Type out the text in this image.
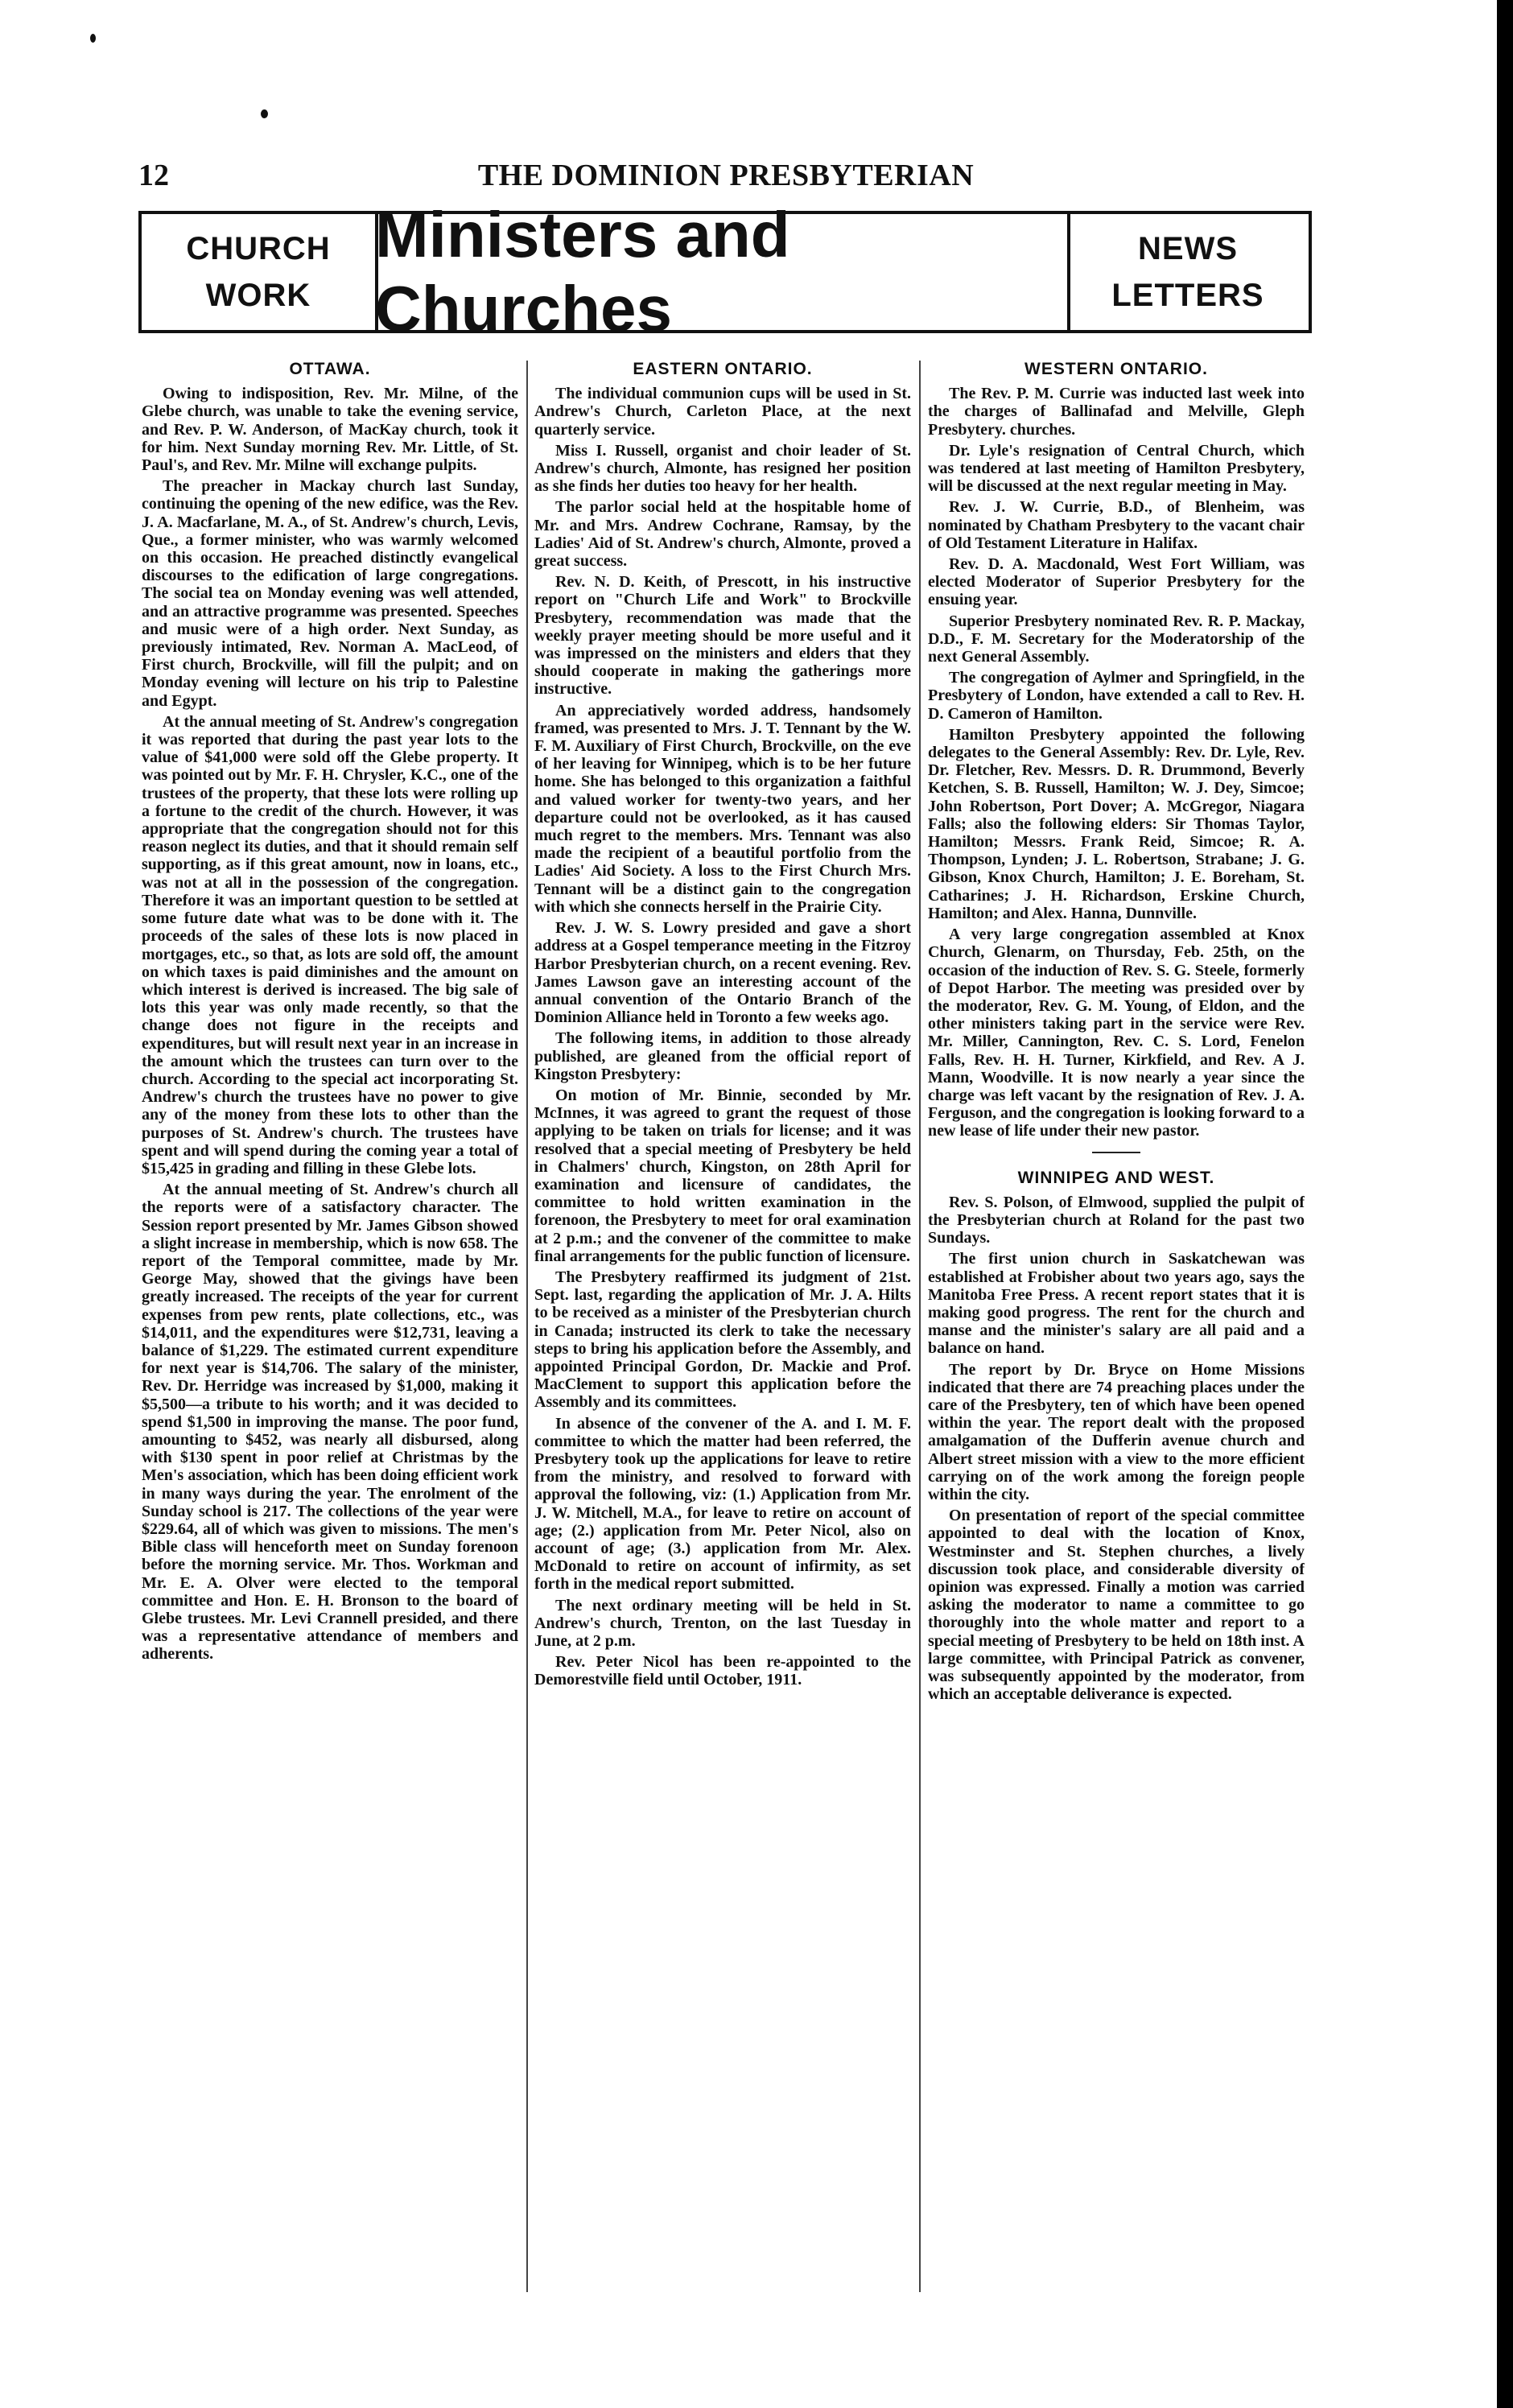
12	THE DOMINION PRESBYTERIAN
CHURCH
WORK
Ministers and Churches
NEWS
LETTERS
OTTAWA.

Owing to indisposition, Rev. Mr. Milne, of the Glebe church, was unable to take the evening service, and Rev. P. W. Anderson, of MacKay church, took it for him. Next Sunday morning Rev. Mr. Little, of St. Paul's, and Rev. Mr. Milne will exchange pulpits.

The preacher in Mackay church last Sunday, continuing the opening of the new edifice, was the Rev. J. A. Macfarlane, M. A., of St. Andrew's church, Levis, Que., a former minister, who was warmly welcomed on this occasion. He preached distinctly evangelical discourses to the edification of large congregations. The social tea on Monday evening was well attended, and an attractive programme was presented. Speeches and music were of a high order. Next Sunday, as previously intimated, Rev. Norman A. MacLeod, of First church, Brockville, will fill the pulpit; and on Monday evening will lecture on his trip to Palestine and Egypt.

At the annual meeting of St. Andrew's congregation it was reported that during the past year lots to the value of $41,000 were sold off the Glebe property. It was pointed out by Mr. F. H. Chrysler, K.C., one of the trustees of the property, that these lots were rolling up a fortune to the credit of the church. However, it was appropriate that the congregation should not for this reason neglect its duties, and that it should remain self supporting, as if this great amount, now in loans, etc., was not at all in the possession of the congregation. Therefore it was an important question to be settled at some future date what was to be done with it. The proceeds of the sales of these lots is now placed in mortgages, etc., so that, as lots are sold off, the amount on which taxes is paid diminishes and the amount on which interest is derived is increased. The big sale of lots this year was only made recently, so that the change does not figure in the receipts and expenditures, but will result next year in an increase in the amount which the trustees can turn over to the church. According to the special act incorporating St. Andrew's church the trustees have no power to give any of the money from these lots to other than the purposes of St. Andrew's church. The trustees have spent and will spend during the coming year a total of $15,425 in grading and filling in these Glebe lots.

At the annual meeting of St. Andrew's church all the reports were of a satisfactory character. The Session report presented by Mr. James Gibson showed a slight increase in membership, which is now 658. The report of the Temporal committee, made by Mr. George May, showed that the givings have been greatly increased. The receipts of the year for current expenses from pew rents, plate collections, etc., was $14,011, and the expenditures were $12,731, leaving a balance of $1,229. The estimated current expenditure for next year is $14,706. The salary of the minister, Rev. Dr. Herridge was increased by $1,000, making it $5,500—a tribute to his worth; and it was decided to spend $1,500 in improving the manse. The poor fund, amounting to $452, was nearly all disbursed, along with $130 spent in poor relief at Christmas by the Men's association, which has been doing efficient work in many ways during the year. The enrolment of the Sunday school is 217. The collections of the year were $229.64, all of which was given to missions. The men's Bible class will henceforth meet on Sunday forenoon before the morning service. Mr. Thos. Workman and Mr. E. A. Olver were elected to the temporal committee and Hon. E. H. Bronson to the board of Glebe trustees. Mr. Levi Crannell presided, and there was a representative attendance of members and adherents.

EASTERN ONTARIO.

The individual communion cups will be used in St. Andrew's Church, Carleton Place, at the next quarterly service.

Miss I. Russell, organist and choir leader of St. Andrew's church, Almonte, has resigned her position as she finds her duties too heavy for her health.

The parlor social held at the hospitable home of Mr. and Mrs. Andrew Cochrane, Ramsay, by the Ladies' Aid of St. Andrew's church, Almonte, proved a great success.

Rev. N. D. Keith, of Prescott, in his instructive report on "Church Life and Work" to Brockville Presbytery, recommendation was made that the weekly prayer meeting should be more useful and it was impressed on the ministers and elders that they should cooperate in making the gatherings more instructive.

An appreciatively worded address, handsomely framed, was presented to Mrs. J. T. Tennant by the W. F. M. Auxiliary of First Church, Brockville, on the eve of her leaving for Winnipeg, which is to be her future home. She has belonged to this organization a faithful and valued worker for twenty-two years, and her departure could not be overlooked, as it has caused much regret to the members. Mrs. Tennant was also made the recipient of a beautiful portfolio from the Ladies' Aid Society. A loss to the First Church Mrs. Tennant will be a distinct gain to the congregation with which she connects herself in the Prairie City.

Rev. J. W. S. Lowry presided and gave a short address at a Gospel temperance meeting in the Fitzroy Harbor Presbyterian church, on a recent evening. Rev. James Lawson gave an interesting account of the annual convention of the Ontario Branch of the Dominion Alliance held in Toronto a few weeks ago.

The following items, in addition to those already published, are gleaned from the official report of Kingston Presbytery:

On motion of Mr. Binnie, seconded by Mr. McInnes, it was agreed to grant the request of those applying to be taken on trials for license; and it was resolved that a special meeting of Presbytery be held in Chalmers' church, Kingston, on 28th April for examination and licensure of candidates, the committee to hold written examination in the forenoon, the Presbytery to meet for oral examination at 2 p.m.; and the convener of the committee to make final arrangements for the public function of licensure.

The Presbytery reaffirmed its judgment of 21st. Sept. last, regarding the application of Mr. J. A. Hilts to be received as a minister of the Presbyterian church in Canada; instructed its clerk to take the necessary steps to bring his application before the Assembly, and appointed Principal Gordon, Dr. Mackie and Prof. MacClement to support this application before the Assembly and its committees.

In absence of the convener of the A. and I. M. F. committee to which the matter had been referred, the Presbytery took up the applications for leave to retire from the ministry, and resolved to forward with approval the following, viz: (1.) Application from Mr. J. W. Mitchell, M.A., for leave to retire on account of age; (2.) application from Mr. Peter Nicol, also on account of age; (3.) application from Mr. Alex. McDonald to retire on account of infirmity, as set forth in the medical report submitted.

The next ordinary meeting will be held in St. Andrew's church, Trenton, on the last Tuesday in June, at 2 p.m.

Rev. Peter Nicol has been re-appointed to the Demorestville field until October, 1911.

WESTERN ONTARIO.

The Rev. P. M. Currie was inducted last week into the charges of Ballinafad and Melville, Gleph Presbytery. churches.

Dr. Lyle's resignation of Central Church, which was tendered at last meeting of Hamilton Presbytery, will be discussed at the next regular meeting in May.

Rev. J. W. Currie, B.D., of Blenheim, was nominated by Chatham Presbytery to the vacant chair of Old Testament Literature in Halifax.

Rev. D. A. Macdonald, West Fort William, was elected Moderator of Superior Presbytery for the ensuing year.

Superior Presbytery nominated Rev. R. P. Mackay, D.D., F. M. Secretary for the Moderatorship of the next General Assembly.

The congregation of Aylmer and Springfield, in the Presbytery of London, have extended a call to Rev. H. D. Cameron of Hamilton.

Hamilton Presbytery appointed the following delegates to the General Assembly: Rev. Dr. Lyle, Rev. Dr. Fletcher, Rev. Messrs. D. R. Drummond, Beverly Ketchen, S. B. Russell, Hamilton; W. J. Dey, Simcoe; John Robertson, Port Dover; A. McGregor, Niagara Falls; also the following elders: Sir Thomas Taylor, Hamilton; Messrs. Frank Reid, Simcoe; R. A. Thompson, Lynden; J. L. Robertson, Strabane; J. G. Gibson, Knox Church, Hamilton; J. E. Boreham, St. Catharines; J. H. Richardson, Erskine Church, Hamilton; and Alex. Hanna, Dunnville.

A very large congregation assembled at Knox Church, Glenarm, on Thursday, Feb. 25th, on the occasion of the induction of Rev. S. G. Steele, formerly of Depot Harbor. The meeting was presided over by the moderator, Rev. G. M. Young, of Eldon, and the other ministers taking part in the service were Rev. Mr. Miller, Cannington, Rev. C. S. Lord, Fenelon Falls, Rev. H. H. Turner, Kirkfield, and Rev. A J. Mann, Woodville. It is now nearly a year since the charge was left vacant by the resignation of Rev. J. A. Ferguson, and the congregation is looking forward to a new lease of life under their new pastor.

WINNIPEG AND WEST.

Rev. S. Polson, of Elmwood, supplied the pulpit of the Presbyterian church at Roland for the past two Sundays.

The first union church in Saskatchewan was established at Frobisher about two years ago, says the Manitoba Free Press. A recent report states that it is making good progress. The rent for the church and manse and the minister's salary are all paid and a balance on hand.

The report by Dr. Bryce on Home Missions indicated that there are 74 preaching places under the care of the Presbytery, ten of which have been opened within the year. The report dealt with the proposed amalgamation of the Dufferin avenue church and Albert street mission with a view to the more efficient carrying on of the work among the foreign people within the city.

On presentation of report of the special committee appointed to deal with the location of Knox, Westminster and St. Stephen churches, a lively discussion took place, and considerable diversity of opinion was expressed. Finally a motion was carried asking the moderator to name a committee to go thoroughly into the whole matter and report to a special meeting of Presbytery to be held on 18th inst. A large committee, with Principal Patrick as convener, was subsequently appointed by the moderator, from which an acceptable deliverance is expected.
